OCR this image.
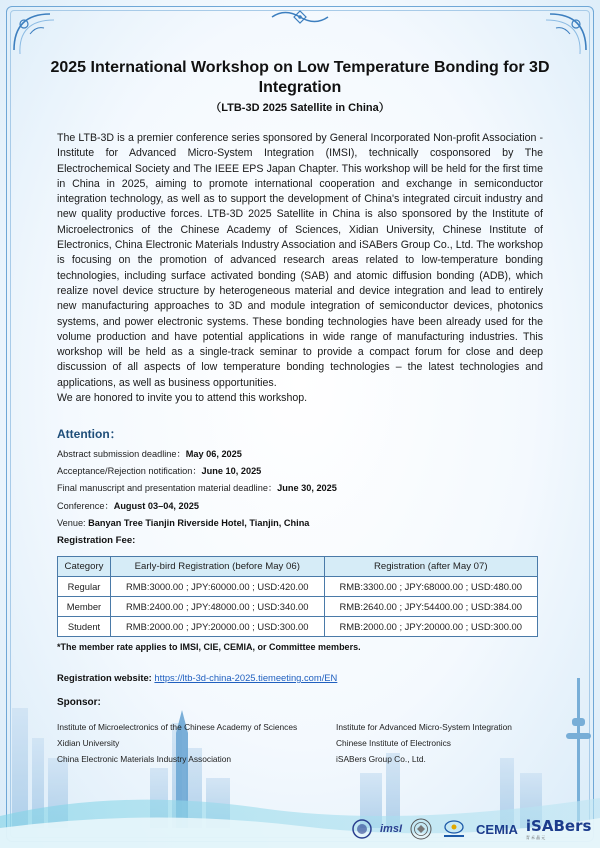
2025 International Workshop on Low Temperature Bonding for 3D Integration
（LTB-3D 2025 Satellite in China）

The LTB-3D is a premier conference series sponsored by General Incorporated Non-profit Association - Institute for Advanced Micro-System Integration (IMSI), technically cosponsored by The Electrochemical Society and The IEEE EPS Japan Chapter. This workshop will be held for the first time in China in 2025, aiming to promote international cooperation and exchange in semiconductor integration technology, as well as to support the development of China's integrated circuit industry and new quality productive forces. LTB-3D 2025 Satellite in China is also sponsored by the Institute of Microelectronics of the Chinese Academy of Sciences, Xidian University, Chinese Institute of Electronics, China Electronic Materials Industry Association and iSABers Group Co., Ltd. The workshop is focusing on the promotion of advanced research areas related to low-temperature bonding technologies, including surface activated bonding (SAB) and atomic diffusion bonding (ADB), which realize novel device structure by heterogeneous material and device integration and lead to entirely new manufacturing approaches to 3D and module integration of semiconductor devices, photonics systems, and power electronic systems. These bonding technologies have been already used for the volume production and have potential applications in wide range of manufacturing industries. This workshop will be held as a single-track seminar to provide a compact forum for close and deep discussion of all aspects of low temperature bonding technologies – the latest technologies and applications, as well as business opportunities.

We are honored to invite you to attend this workshop.

Attention：
Abstract submission deadline：May 06, 2025
Acceptance/Rejection notification：June 10, 2025
Final manuscript and presentation material deadline：June 30, 2025
Conference：August 03–04, 2025
Venue: Banyan Tree Tianjin Riverside Hotel, Tianjin, China
Registration Fee:
Category	Early-bird Registration (before May 06)	Registration (after May 07)
Regular	RMB:3000.00 ; JPY:60000.00 ; USD:420.00	RMB:3300.00 ; JPY:68000.00 ; USD:480.00
Member	RMB:2400.00 ; JPY:48000.00 ; USD:340.00	RMB:2640.00 ; JPY:54400.00 ; USD:384.00
Student	RMB:2000.00 ; JPY:20000.00 ; USD:300.00	RMB:2000.00 ; JPY:20000.00 ; USD:300.00
*The member rate applies to IMSI, CIE, CEMIA, or Committee members.
Registration website: https://ltb-3d-china-2025.tiemeeting.com/EN
Sponsor:
Institute of Microelectronics of the Chinese Academy of Sciences
Xidian University
China Electronic Materials Industry Association
Institute for Advanced Micro-System Integration
Chinese Institute of Electronics
iSABers Group Co., Ltd.
imsI	CEMIA iSABers
青 禾 晶 元
